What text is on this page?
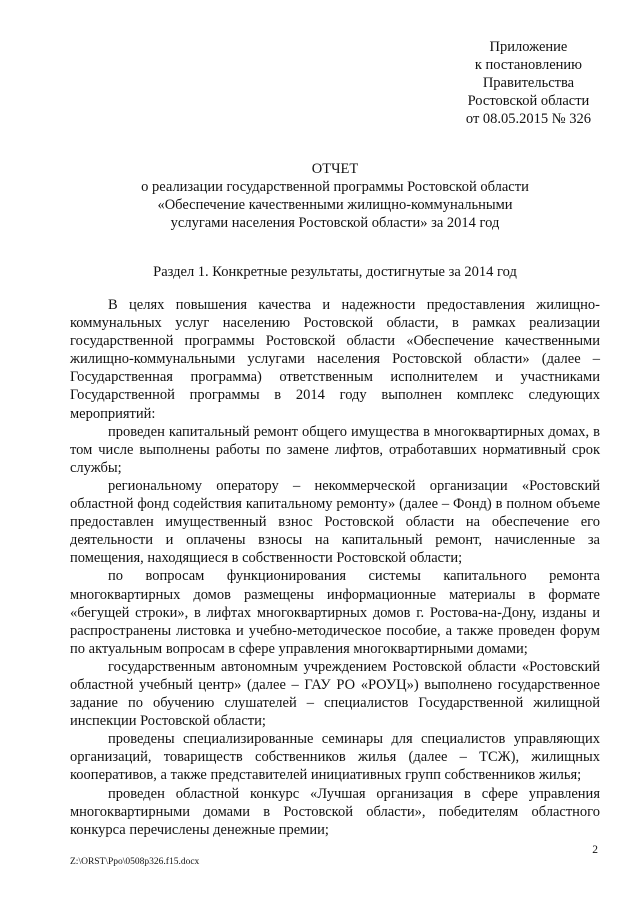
Приложение
к постановлению
Правительства
Ростовской области
от 08.05.2015 № 326
ОТЧЕТ
о реализации государственной программы Ростовской области
«Обеспечение качественными жилищно-коммунальными
услугами населения Ростовской области» за 2014 год
Раздел 1. Конкретные результаты, достигнутые за 2014 год

В целях повышения качества и надежности предоставления жилищно-коммунальных услуг населению Ростовской области, в рамках реализации государственной программы Ростовской области «Обеспечение качественными жилищно-коммунальными услугами населения Ростовской области» (далее – Государственная программа) ответственным исполнителем и участниками Государственной программы в 2014 году выполнен комплекс следующих мероприятий:

проведен капитальный ремонт общего имущества в многоквартирных домах, в том числе выполнены работы по замене лифтов, отработавших нормативный срок службы;

региональному оператору – некоммерческой организации «Ростовский областной фонд содействия капитальному ремонту» (далее – Фонд) в полном объеме предоставлен имущественный взнос Ростовской области на обеспечение его деятельности и оплачены взносы на капитальный ремонт, начисленные за помещения, находящиеся в собственности Ростовской области;

по вопросам функционирования системы капитального ремонта многоквартирных домов размещены информационные материалы в формате «бегущей строки», в лифтах многоквартирных домов г. Ростова-на-Дону, изданы и распространены листовка и учебно-методическое пособие, а также проведен форум по актуальным вопросам в сфере управления многоквартирными домами;

государственным автономным учреждением Ростовской области «Ростовский областной учебный центр» (далее – ГАУ РО «РОУЦ») выполнено государственное задание по обучению слушателей – специалистов Государственной жилищной инспекции Ростовской области;

проведены специализированные семинары для специалистов управляющих организаций, товариществ собственников жилья (далее – ТСЖ), жилищных кооперативов, а также представителей инициативных групп собственников жилья;

проведен областной конкурс «Лучшая организация в сфере управления многоквартирными домами в Ростовской области», победителям областного конкурса перечислены денежные премии;

2
Z:\ORST\Ppo\0508p326.f15.docx
